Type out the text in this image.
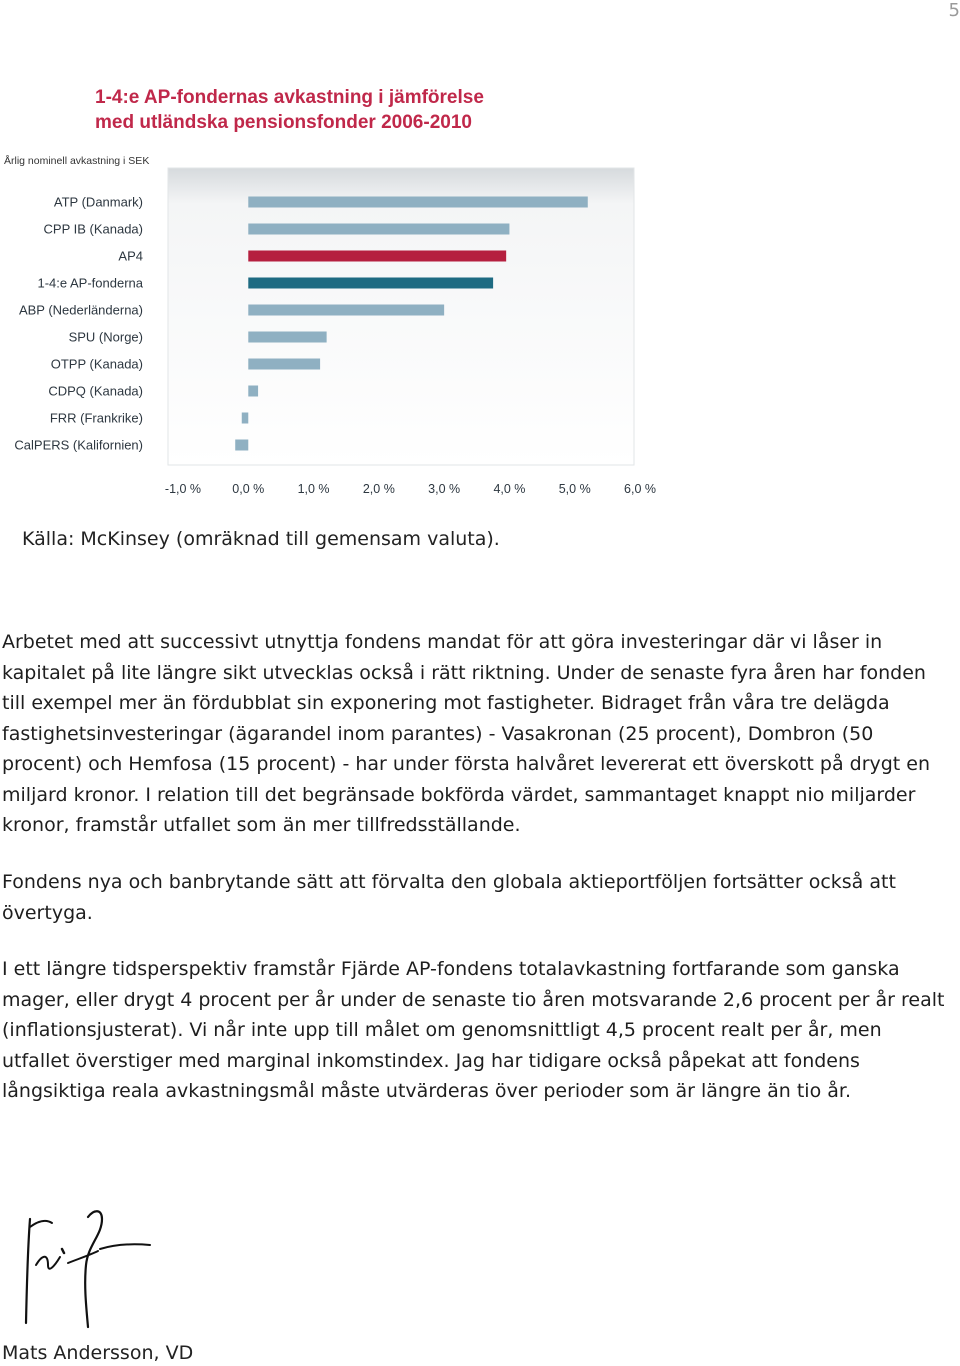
5
1-4:e AP-fondernas avkastning i jämförelse
med utländska pensionsfonder 2006-2010
Årlig nominell avkastning i SEK
ATP (Danmark)
CPP IB (Kanada)
AP4
1-4:e AP-fonderna
ABP (Nederländerna)
SPU (Norge)
OTPP (Kanada)
CDPQ (Kanada)
FRR (Frankrike)
CalPERS (Kalifornien)
-1,0 % 0,0 %	1,0 %	2,0 %	3,0 %	4,0 %	5,0 %	6,0 %
Källa: McKinsey (omräknad till gemensam valuta).

Arbetet med att successivt utnyttja fondens mandat för att göra investeringar där vi låser in kapitalet på lite längre sikt utvecklas också i rätt riktning. Under de senaste fyra åren har fonden till exempel mer än fördubblat sin exponering mot fastigheter. Bidraget från våra tre delägda fastighetsinvesteringar (ägarandel inom parantes) - Vasakronan (25 procent), Dombron (50 procent) och Hemfosa (15 procent) - har under första halvåret levererat ett överskott på drygt en miljard kronor. I relation till det begränsade bokförda värdet, sammantaget knappt nio miljarder kronor, framstår utfallet som än mer tillfredsställande.

Fondens nya och banbrytande sätt att förvalta den globala aktieportföljen fortsätter också att övertyga.

I ett längre tidsperspektiv framstår Fjärde AP-fondens totalavkastning fortfarande som ganska mager, eller drygt 4 procent per år under de senaste tio åren motsvarande 2,6 procent per år realt (inflationsjusterat). Vi når inte upp till målet om genomsnittligt 4,5 procent realt per år, men utfallet överstiger med marginal inkomstindex. Jag har tidigare också påpekat att fondens långsiktiga reala avkastningsmål måste utvärderas över perioder som är längre än tio år.

Mats Andersson, VD
